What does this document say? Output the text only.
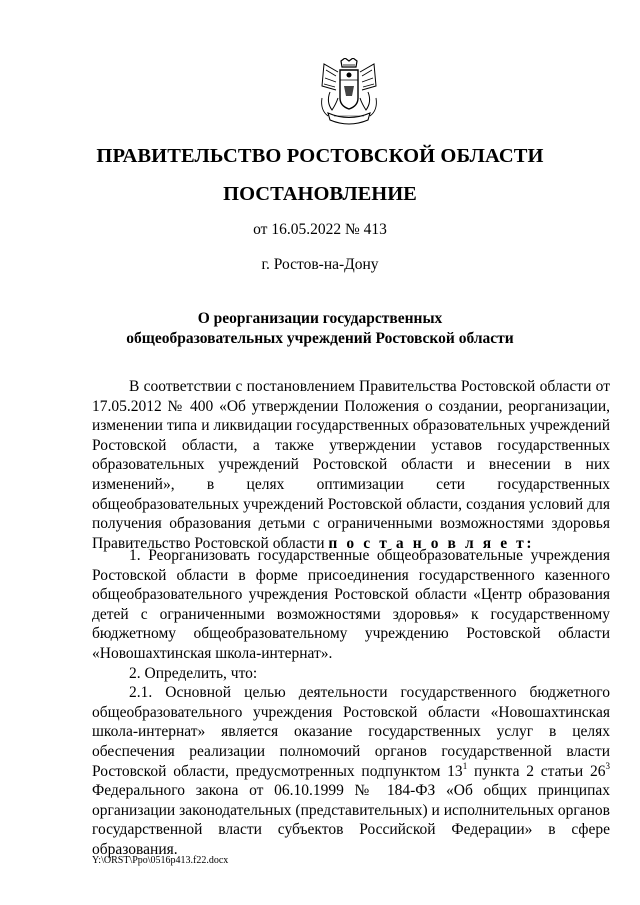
ПРАВИТЕЛЬСТВО РОСТОВСКОЙ ОБЛАСТИ
ПОСТАНОВЛЕНИЕ
от 16.05.2022 № 413
г. Ростов-на-Дону
О реорганизации государственных
общеобразовательных учреждений Ростовской области

В соответствии с постановлением Правительства Ростовской области от 17.05.2012 № 400 «Об утверждении Положения о создании, реорганизации, изменении типа и ликвидации государственных образовательных учреждений Ростовской области, а также утверждении уставов государственных образовательных учреждений Ростовской области и внесении в них изменений», в целях оптимизации сети государственных общеобразовательных учреждений Ростовской области, создания условий для получения образования детьми с ограниченными возможностями здоровья Правительство Ростовской области п о с т а н о в л я е т:

1. Реорганизовать государственные общеобразовательные учреждения Ростовской области в форме присоединения государственного казенного общеобразовательного учреждения Ростовской области «Центр образования детей с ограниченными возможностями здоровья» к государственному бюджетному общеобразовательному учреждению Ростовской области «Новошахтинская школа-интернат».

2. Определить, что:

2.1. Основной целью деятельности государственного бюджетного общеобразовательного учреждения Ростовской области «Новошахтинская школа-интернат» является оказание государственных услуг в целях обеспечения реализации полномочий органов государственной власти Ростовской области, предусмотренных подпунктом $13^1$ пункта 2 статьи $26^3$ Федерального закона от 06.10.1999 № 184-ФЗ «Об общих принципах организации законодательных (представительных) и исполнительных органов государственной власти субъектов Российской Федерации» в сфере образования.

Y:\ORST\Ppo\0516p413.f22.docx
